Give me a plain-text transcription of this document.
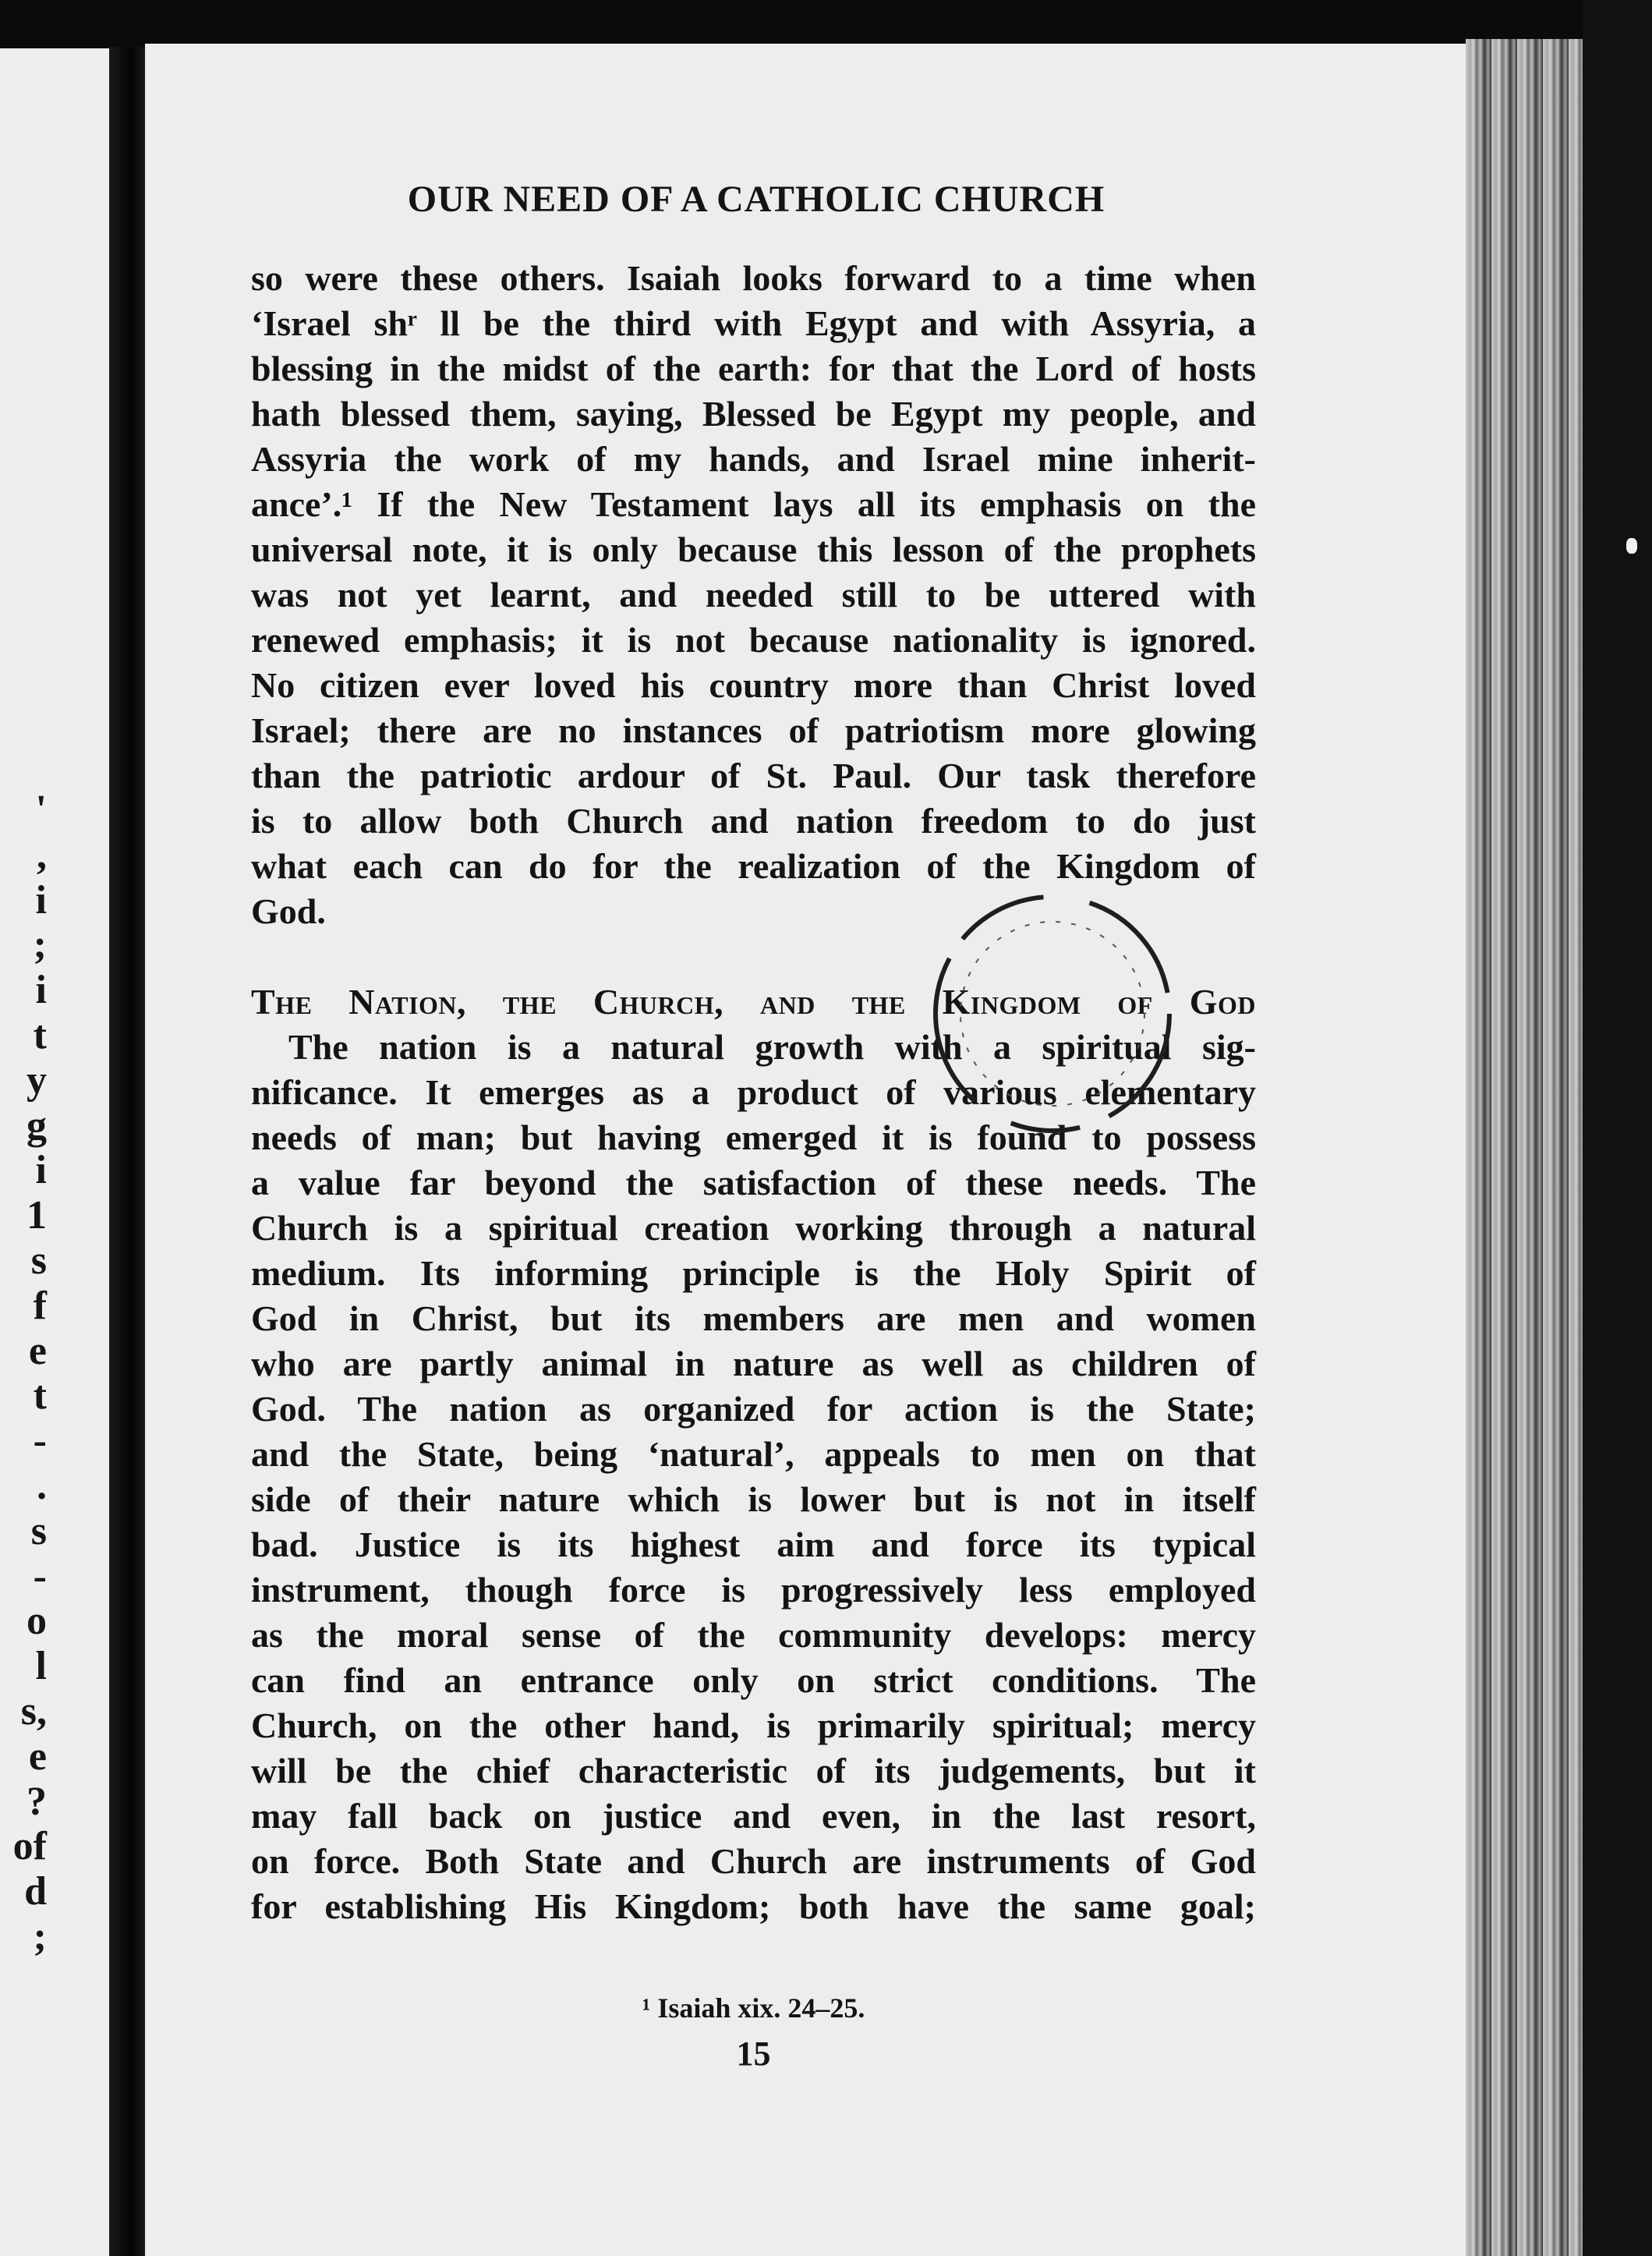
'
,
i
;
i
t
y
g
i
1
s
f
e
t
-
.
s
-
o
l
s,
e
?
of
d
;
OUR NEED OF A CATHOLIC CHURCH
so were these others. Isaiah looks forward to a time when
‘Israel shʳ ll be the third with Egypt and with Assyria, a
blessing in the midst of the earth: for that the Lord of hosts
hath blessed them, saying, Blessed be Egypt my people, and
Assyria the work of my hands, and Israel mine inherit-
ance’.¹ If the New Testament lays all its emphasis on the
universal note, it is only because this lesson of the prophets
was not yet learnt, and needed still to be uttered with
renewed emphasis; it is not because nationality is ignored.
No citizen ever loved his country more than Christ loved
Israel; there are no instances of patriotism more glowing
than the patriotic ardour of St. Paul. Our task therefore
is to allow both Church and nation freedom to do just
what each can do for the realization of the Kingdom of
God.
The Nation, the Church, and the Kingdom of God
The nation is a natural growth with a spiritual sig-
nificance. It emerges as a product of various elementary
needs of man; but having emerged it is found to possess
a value far beyond the satisfaction of these needs. The
Church is a spiritual creation working through a natural
medium. Its informing principle is the Holy Spirit of
God in Christ, but its members are men and women
who are partly animal in nature as well as children of
God. The nation as organized for action is the State;
and the State, being ‘natural’, appeals to men on that
side of their nature which is lower but is not in itself
bad. Justice is its highest aim and force its typical
instrument, though force is progressively less employed
as the moral sense of the community develops: mercy
can find an entrance only on strict conditions. The
Church, on the other hand, is primarily spiritual; mercy
will be the chief characteristic of its judgements, but it
may fall back on justice and even, in the last resort,
on force. Both State and Church are instruments of God
for establishing His Kingdom; both have the same goal;
¹ Isaiah xix. 24–25.
15
